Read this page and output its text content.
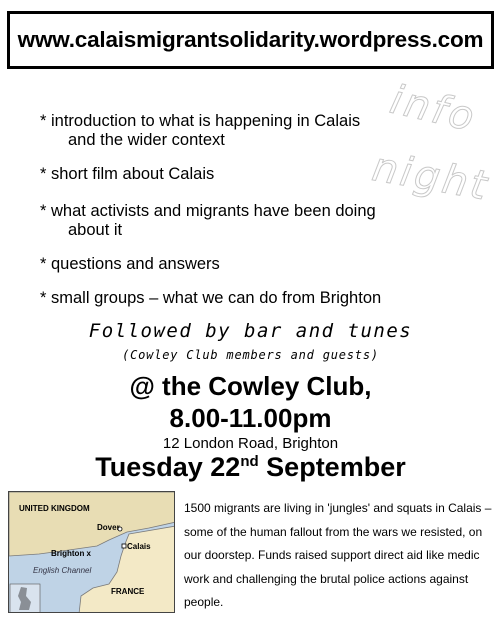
www.calaismigrantsolidarity.wordpress.com
info
night
* introduction to what is happening in Calais
and the wider context
* short film about Calais
* what activists and migrants have been doing
about it
* questions and answers
* small groups – what we can do from Brighton
Followed by bar and tunes
(Cowley Club members and guests)
@ the Cowley Club,
8.00-11.00pm
12 London Road, Brighton
Tuesday 22nd September
UNITED KINGDOM
Dover
Calais
Brighton x
English Channel
FRANCE
1500 migrants are living in 'jungles' and squats in Calais – some of the human fallout from the wars we resisted, on our doorstep. Funds raised support direct aid like medic work and challenging the brutal police actions against people.
